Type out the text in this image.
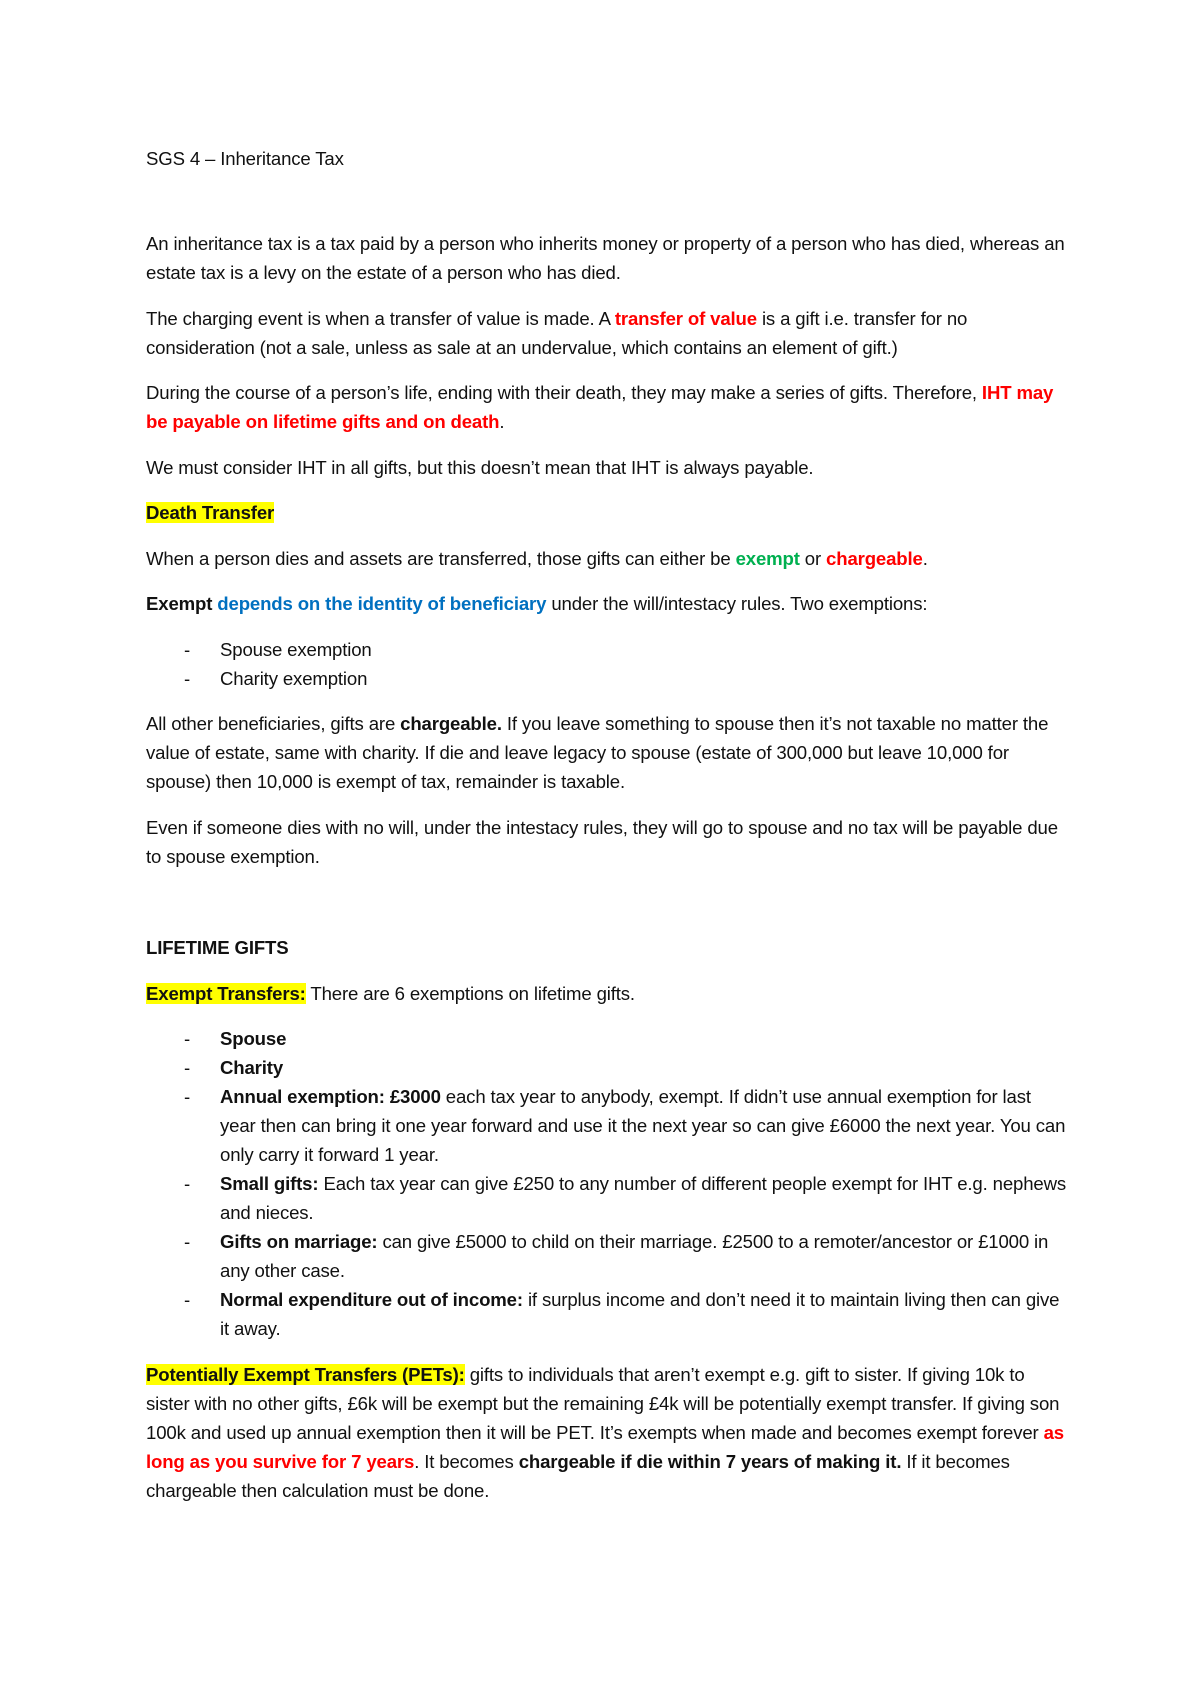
SGS 4 – Inheritance Tax

An inheritance tax is a tax paid by a person who inherits money or property of a person who has died, whereas an estate tax is a levy on the estate of a person who has died.

The charging event is when a transfer of value is made. A transfer of value is a gift i.e. transfer for no consideration (not a sale, unless as sale at an undervalue, which contains an element of gift.)

During the course of a person’s life, ending with their death, they may make a series of gifts. Therefore, IHT may be payable on lifetime gifts and on death.

We must consider IHT in all gifts, but this doesn’t mean that IHT is always payable.

Death Transfer

When a person dies and assets are transferred, those gifts can either be exempt or chargeable.

Exempt depends on the identity of beneficiary under the will/intestacy rules. Two exemptions:

- Spouse exemption
- Charity exemption

All other beneficiaries, gifts are chargeable. If you leave something to spouse then it’s not taxable no matter the value of estate, same with charity. If die and leave legacy to spouse (estate of 300,000 but leave 10,000 for spouse) then 10,000 is exempt of tax, remainder is taxable.

Even if someone dies with no will, under the intestacy rules, they will go to spouse and no tax will be payable due to spouse exemption.

LIFETIME GIFTS

Exempt Transfers: There are 6 exemptions on lifetime gifts.

- Spouse
- Charity
- Annual exemption: £3000 each tax year to anybody, exempt. If didn’t use annual exemption for last year then can bring it one year forward and use it the next year so can give £6000 the next year. You can only carry it forward 1 year.
- Small gifts: Each tax year can give £250 to any number of different people exempt for IHT e.g. nephews and nieces.
- Gifts on marriage: can give £5000 to child on their marriage. £2500 to a remoter/ancestor or £1000 in any other case.
- Normal expenditure out of income: if surplus income and don’t need it to maintain living then can give it away.

Potentially Exempt Transfers (PETs): gifts to individuals that aren’t exempt e.g. gift to sister. If giving 10k to sister with no other gifts, £6k will be exempt but the remaining £4k will be potentially exempt transfer. If giving son 100k and used up annual exemption then it will be PET. It’s exempts when made and becomes exempt forever as long as you survive for 7 years. It becomes chargeable if die within 7 years of making it. If it becomes chargeable then calculation must be done.
